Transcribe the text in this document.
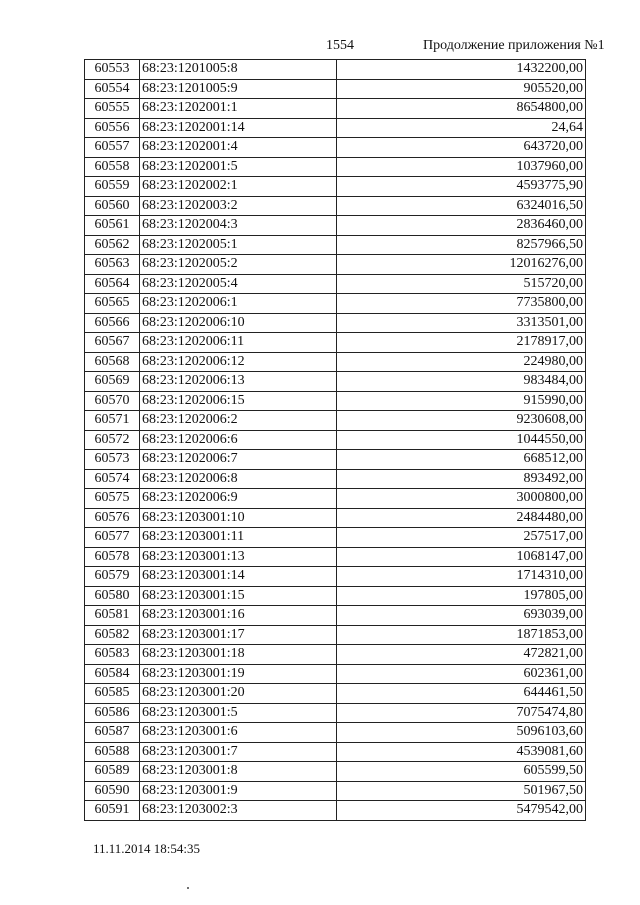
1554	Продолжение приложения №1
60553	68:23:1201005:8	1432200,00
60554	68:23:1201005:9	905520,00
60555	68:23:1202001:1	8654800,00
60556	68:23:1202001:14	24,64
60557	68:23:1202001:4	643720,00
60558	68:23:1202001:5	1037960,00
60559	68:23:1202002:1	4593775,90
60560	68:23:1202003:2	6324016,50
60561	68:23:1202004:3	2836460,00
60562	68:23:1202005:1	8257966,50
60563	68:23:1202005:2	12016276,00
60564	68:23:1202005:4	515720,00
60565	68:23:1202006:1	7735800,00
60566	68:23:1202006:10	3313501,00
60567	68:23:1202006:11	2178917,00
60568	68:23:1202006:12	224980,00
60569	68:23:1202006:13	983484,00
60570	68:23:1202006:15	915990,00
60571	68:23:1202006:2	9230608,00
60572	68:23:1202006:6	1044550,00
60573	68:23:1202006:7	668512,00
60574	68:23:1202006:8	893492,00
60575	68:23:1202006:9	3000800,00
60576	68:23:1203001:10	2484480,00
60577	68:23:1203001:11	257517,00
60578	68:23:1203001:13	1068147,00
60579	68:23:1203001:14	1714310,00
60580	68:23:1203001:15	197805,00
60581	68:23:1203001:16	693039,00
60582	68:23:1203001:17	1871853,00
60583	68:23:1203001:18	472821,00
60584	68:23:1203001:19	602361,00
60585	68:23:1203001:20	644461,50
60586	68:23:1203001:5	7075474,80
60587	68:23:1203001:6	5096103,60
60588	68:23:1203001:7	4539081,60
60589	68:23:1203001:8	605599,50
60590	68:23:1203001:9	501967,50
60591	68:23:1203002:3	5479542,00
11.11.2014 18:54:35
